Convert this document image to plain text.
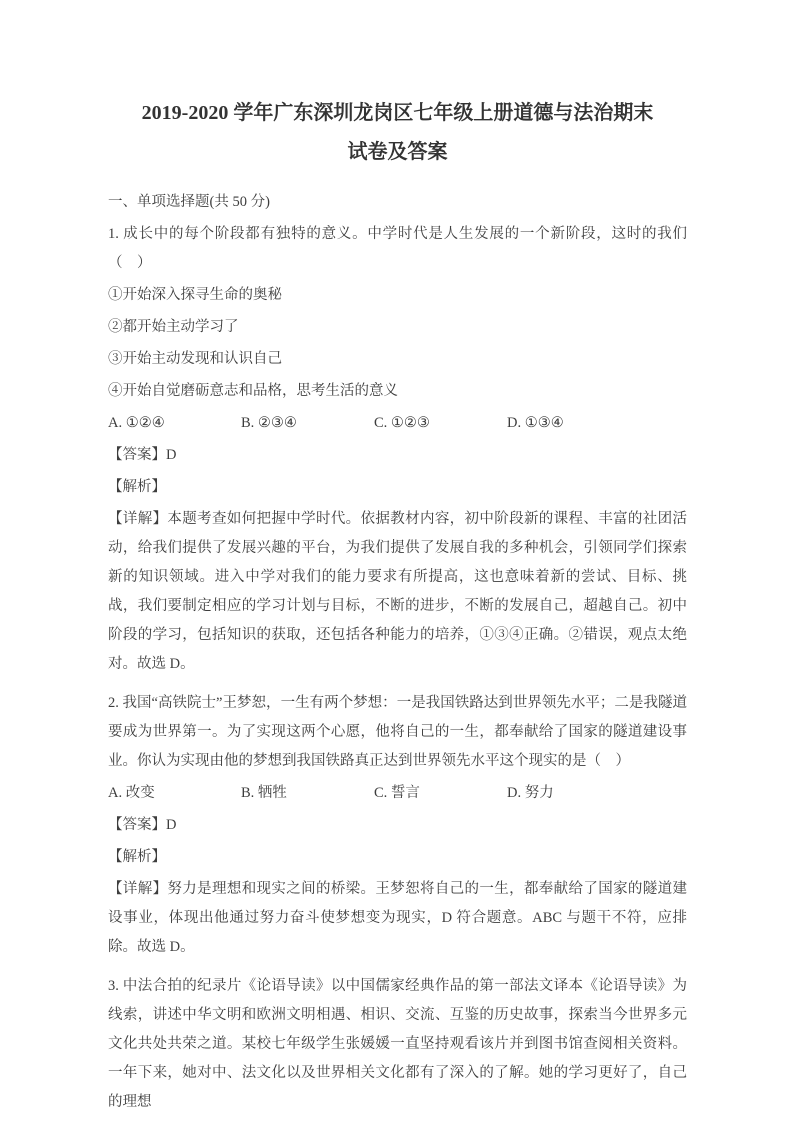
2019-2020 学年广东深圳龙岗区七年级上册道德与法治期末
试卷及答案

一、单项选择题(共 50 分)

1. 成长中的每个阶段都有独特的意义。中学时代是人生发展的一个新阶段，这时的我们（　）

①开始深入探寻生命的奥秘

②都开始主动学习了

③开始主动发现和认识自己

④开始自觉磨砺意志和品格，思考生活的意义

A. ①②④	B. ②③④	C. ①②③	D. ①③④

【答案】D

【解析】

【详解】本题考查如何把握中学时代。依据教材内容，初中阶段新的课程、丰富的社团活动，给我们提供了发展兴趣的平台，为我们提供了发展自我的多种机会，引领同学们探索新的知识领域。进入中学对我们的能力要求有所提高，这也意味着新的尝试、目标、挑战，我们要制定相应的学习计划与目标，不断的进步，不断的发展自己，超越自己。初中阶段的学习，包括知识的获取，还包括各种能力的培养，①③④正确。②错误，观点太绝对。故选 D。

2. 我国“高铁院士”王梦恕，一生有两个梦想：一是我国铁路达到世界领先水平；二是我隧道要成为世界第一。为了实现这两个心愿，他将自己的一生，都奉献给了国家的隧道建设事业。你认为实现由他的梦想到我国铁路真正达到世界领先水平这个现实的是（　）

A. 改变	B. 牺牲	C. 誓言	D. 努力

【答案】D

【解析】

【详解】努力是理想和现实之间的桥梁。王梦恕将自己的一生，都奉献给了国家的隧道建设事业，体现出他通过努力奋斗使梦想变为现实，D 符合题意。ABC 与题干不符，应排除。故选 D。

3. 中法合拍的纪录片《论语导读》以中国儒家经典作品的第一部法文译本《论语导读》为线索，讲述中华文明和欧洲文明相遇、相识、交流、互鉴的历史故事，探索当今世界多元文化共处共荣之道。某校七年级学生张媛媛一直坚持观看该片并到图书馆查阅相关资料。一年下来，她对中、法文化以及世界相关文化都有了深入的了解。她的学习更好了，自己的理想
